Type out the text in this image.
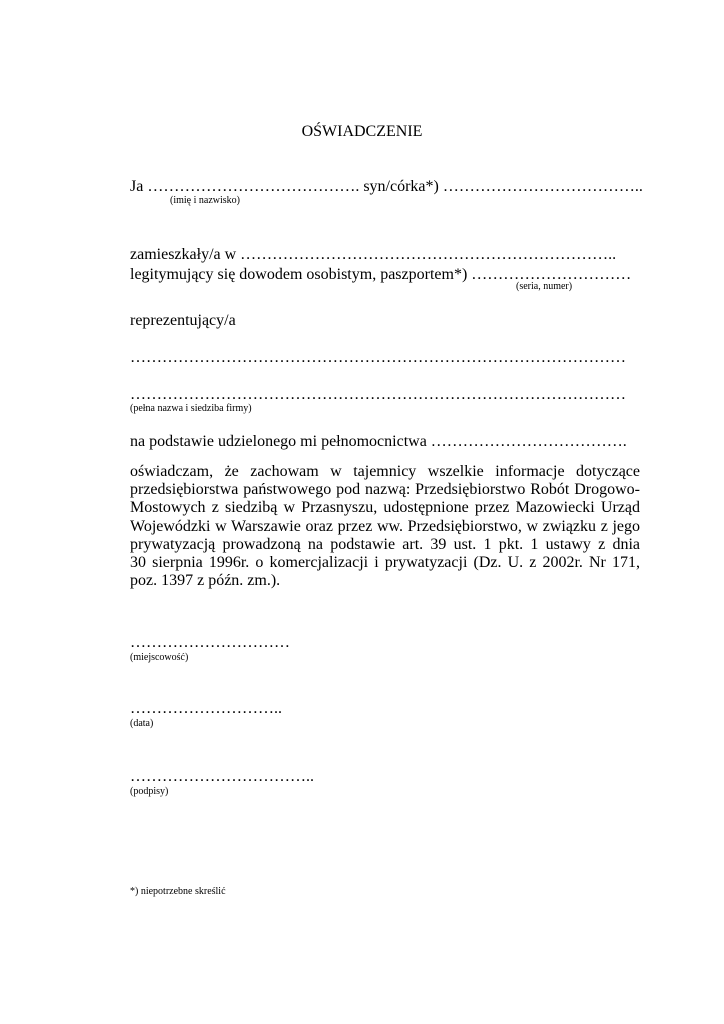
OŚWIADCZENIE
Ja …………………………………. syn/córka*) ………………………………..
(imię i nazwisko)
zamieszkały/a w ……………………………………………………………..
legitymujący się dowodem osobistym, paszportem*) …………………………
(seria, numer)
reprezentujący/a
…………………………………………………………………………………
…………………………………………………………………………………
(pełna nazwa i siedziba firmy)
na podstawie udzielonego mi pełnomocnictwa ……………………………….
oświadczam, że zachowam w tajemnicy wszelkie informacje dotyczące
przedsiębiorstwa państwowego pod nazwą: Przedsiębiorstwo Robót Drogowo-
Mostowych z siedzibą w Przasnyszu, udostępnione przez Mazowiecki Urząd
Wojewódzki w Warszawie oraz przez ww. Przedsiębiorstwo, w związku z jego
prywatyzacją prowadzoną na podstawie art. 39 ust. 1 pkt. 1 ustawy z dnia
30 sierpnia 1996r. o komercjalizacji i prywatyzacji (Dz. U. z 2002r. Nr 171,
poz. 1397 z późn. zm.).
…………………………
(miejscowość)
………………………..
(data)
……………………………..
(podpisy)
*) niepotrzebne skreślić
